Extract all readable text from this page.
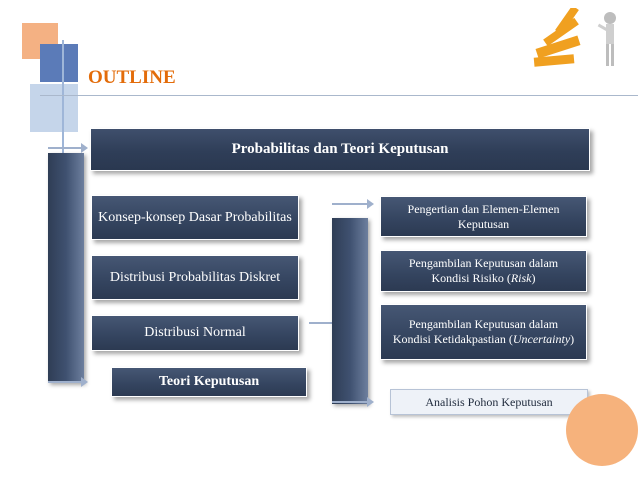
OUTLINE
Probabilitas dan Teori Keputusan
Konsep-konsep Dasar Probabilitas
Distribusi Probabilitas Diskret
Distribusi Normal
Teori Keputusan
Pengertian dan Elemen-Elemen Keputusan
Pengambilan Keputusan dalam Kondisi Risiko (Risk)
Pengambilan Keputusan dalam Kondisi Ketidakpastian (Uncertainty)
Analisis Pohon Keputusan
